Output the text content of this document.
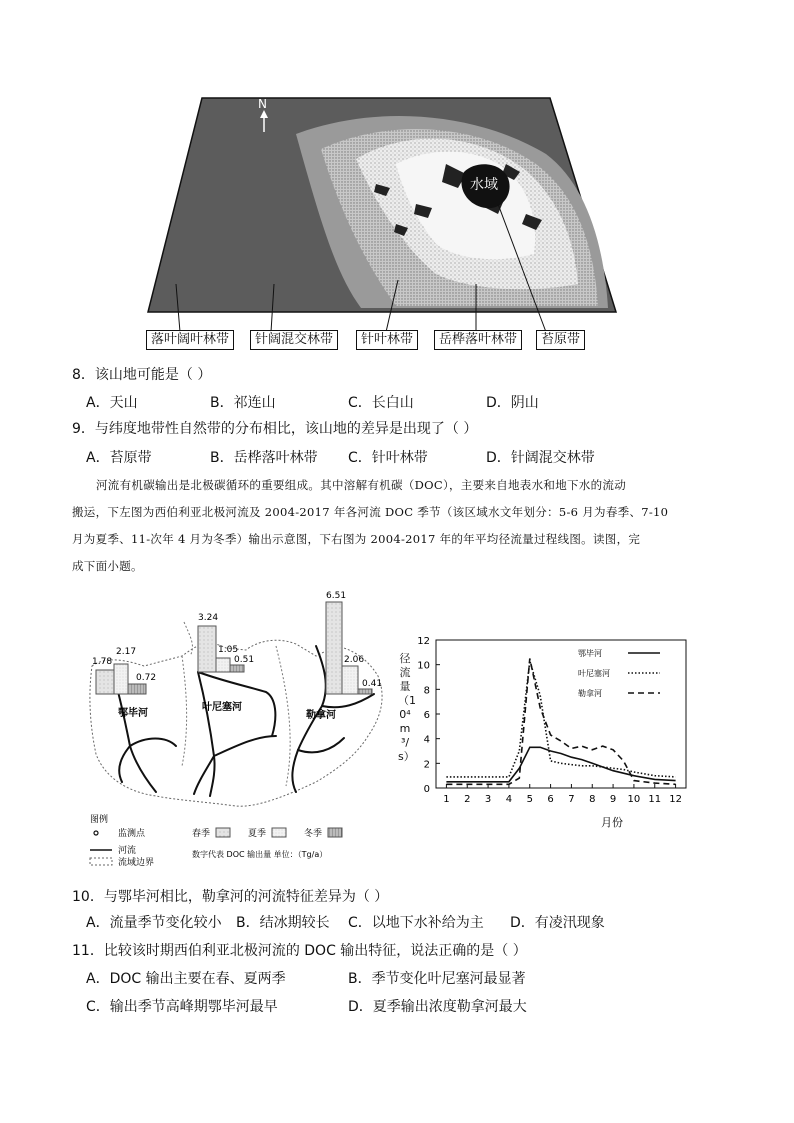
水域
N
落叶阔叶林带	针阔混交林带	针叶林带	岳桦落叶林带	苔原带
8．该山地可能是（ ）
A．天山	B．祁连山	C．长白山	D．阴山
9．与纬度地带性自然带的分布相比，该山地的差异是出现了（ ）
A．苔原带	B．岳桦落叶林带 C．针叶林带	D．针阔混交林带
河流有机碳输出是北极碳循环的重要组成。其中溶解有机碳（DOC），主要来自地表水和地下水的流动
搬运，下左图为西伯利亚北极河流及 2004-2017 年各河流 DOC 季节（该区域水文年划分：5-6 月为春季、7-10
月为夏季、11-次年 4 月为冬季）输出示意图，下右图为 2004-2017 年的年平均径流量过程线图。读图，完
成下面小题。
1.78
2.17
0.72
3.24
1.05
0.51
6.51
2.06
0.41
鄂毕河
叶尼塞河
勒拿河
图例
监测点
河流
流域边界
春季	夏季	冬季
数字代表 DOC 输出量 单位：（Tg/a）
0
2
4
6
8
10
12
1 2 3 4 5 6 7 8 9 10 11 12
鄂毕河
叶尼塞河
勒拿河
月份
径流量（10⁴m³/s）
10．与鄂毕河相比，勒拿河的河流特征差异为（ ）
A．流量季节变化较小 B．结冰期较长 C．以地下水补给为主 D．有凌汛现象
11．比较该时期西伯利亚北极河流的 DOC 输出特征，说法正确的是（ ）
A．DOC 输出主要在春、夏两季	B．季节变化叶尼塞河最显著
C．输出季节高峰期鄂毕河最早	D．夏季输出浓度勒拿河最大
